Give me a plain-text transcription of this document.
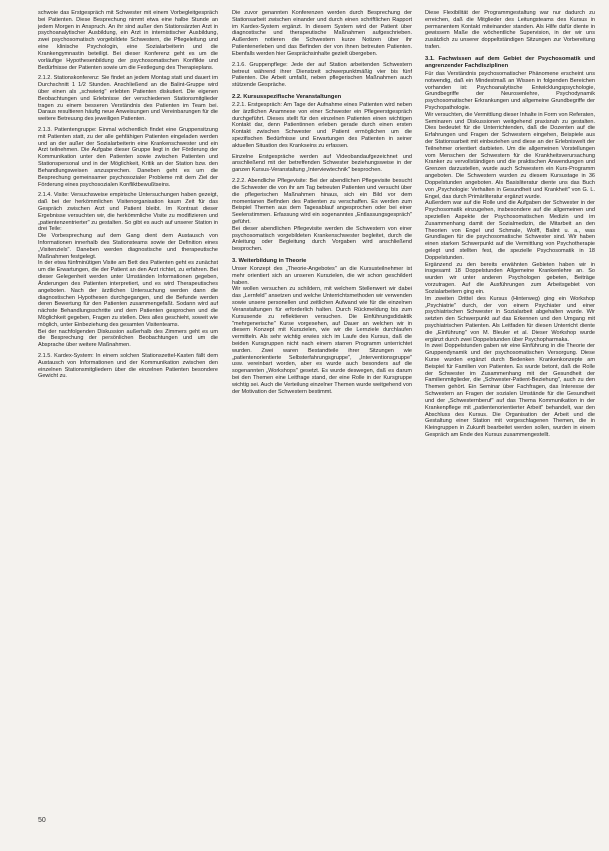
schwoie das Erstgespräch mit Schwester mit einem Vorbegleitgespräch bei Patienten. Diese Besprechung nimmt etwa eine halbe Stunde an jedem Morgen in Anspruch. An ihr sind außer den Stationsärzten Arzt in psychoanalytischer Ausbildung, ein Arzt in internistischer Ausbildung, zwei psychosomatisch vorgebildete Schwestern, die Pflegeleitung und eine klinische Psychologin, eine Sozialarbeiterin und die Krankengymnastin beteiligt. Bei dieser Konferenz geht es um die vorläufige Hypothesenbildung der psychosomatischen Konflikte und Bedürfnisse der Patienten sowie um die Festlegung des Therapieplans.

2.1.2. Stationskonferenz: Sie findet an jedem Montag statt und dauert im Durchschnitt 1 1/2 Stunden. Anschließend an die Balint-Gruppe wird über einen als „schwierig" erlebten Patienten diskutiert. Die eigenen Beobachtungen und Erlebnisse der verschiedenen Stationsmitglieder tragen zu einem besseren Verständnis des Patienten im Team bei. Daraus resultieren häufig neue Anweisungen und Vereinbarungen für die weitere Betreuung des jeweiligen Patienten.

2.1.3. Patientengruppe: Einmal wöchentlich findet eine Gruppensitzung mit Patienten statt, zu der alle gehfähigen Patienten eingeladen werden und an der außer der Sozialarbeiterin eine Krankenschwester und ein Arzt teilnehmen. Die Aufgabe dieser Gruppe liegt in der Förderung der Kommunikation unter den Patienten sowie zwischen Patienten und Stationspersonal und in der Möglichkeit, Kritik an der Station bzw. den Behandlungsweisen anzusprechen. Daneben geht es um die Besprechung gemeinsamer psychosozialer Probleme mit dem Ziel der Förderung eines psychosozialen Konfliktbewußtseins.

2.1.4. Visite: Versuchsweise empirische Untersuchungen haben gezeigt, daß bei der herkömmlichen Visitenorganisation kaum Zeit für das Gespräch zwischen Arzt und Patient bleibt. Im Kontrast dieser Ergebnisse versuchten wir, die herkömmliche Visite zu modifizieren und „patientenzentrierter" zu gestalten. So gibt es auch auf unserer Station in drei Teile:

Die Vorbesprechung auf dem Gang dient dem Austausch von Informationen innerhalb des Stationsteams sowie der Definition eines „Visitenziels". Daneben werden diagnostische und therapeutische Maßnahmen festgelegt.

In der etwa fünfminütigen Visite am Bett des Patienten geht es zunächst um die Erwartungen, die der Patient an den Arzt richtet, zu erfahren. Bei dieser Gelegenheit werden unter Umständen Informationen gegeben, Änderungen des Patienten interpretiert, und es wird Therapeutisches angeboten. Nach der ärztlichen Untersuchung werden dann die diagnostischen Hypothesen durchgegangen, und die Befunde werden deren Bewertung für den Patienten zusammengefaßt. Sodann wird auf nächste Behandlungsschritte und dem Patienten gesprochen und die Möglichkeit gegeben, Fragen zu stellen. Dies alles geschieht, soweit wie möglich, unter Einbeziehung des gesamten Visitenteams.

Bei der nachfolgenden Diskussion außerhalb des Zimmers geht es um die Besprechung der persönlichen Beobachtungen und um die Absprache über weitere Maßnahmen.

2.1.5. Kardex-System: In einem solchen Stationszettel-Kasten fällt dem Austausch von Informationen und der Kommunikation zwischen den einzelnen Stationsmitgliedern über die einzelnen Patienten besondere Gewicht zu.

Die zuvor genannten Konferenzen werden durch Besprechung der Stationsarbeit zwischen einander und durch einen schriftlichen Rapport im Kardex-System ergänzt. In diesem System wird der Patient über diagnostische und therapeutische Maßnahmen aufgeschrieben. Außerdem notieren die Schwestern kurze Notizen über ihr Patientenerleben und das Befinden der von ihnen betreuten Patienten. Ebenfalls werden hier Gesprächsinhalte gezielt übergeben.

2.1.6. Gruppenpflege: Jede der auf Station arbeitenden Schwestern betreut während ihrer Dienstzeit schwerpunktmäßig vier bis fünf Patienten. Die Arbeit umfaßt, neben pflegerischen Maßnahmen auch stützende Gespräche.

2.2. Kursusspezifische Veranstaltungen

2.2.1. Erstgespräch: Am Tage der Aufnahme eines Patienten wird neben der ärztlichen Anamnese von einer Schwester ein Pflegeerstgespräch durchgeführt. Dieses stellt für den einzelnen Patienten einen wichtigen Kontakt dar, denn Patientinnen erleben gerade durch einen ersten Kontakt zwischen Schwester und Patient ermöglichen um die spezifischen Bedürfnisse und Erwartungen des Patienten in seiner aktuellen Situation des Krankseins zu erfassen.

Einzelne Erstgespräche werden auf Videobandaufgezeichnet und anschließend mit der betreffenden Schwester beziehungsweise in der ganzen Kursus-Veranstaltung „Interviewtechnik" besprochen.

2.2.2. Abendliche Pflegevisite: Bei der abendlichen Pflegevisite besucht die Schwester die von ihr am Tag betreuten Patienten und versucht über die pflegerischen Maßnahmen hinaus, sich ein Bild vor dem momentanen Befinden des Patienten zu verschaffen. Es werden zum Beispiel Themen aus dem Tagesablauf angesprochen oder bei einer Seelenstimmen. Erfassung wird ein sogenanntes „Entlassungsgespräch" geführt.

Bei dieser abendlichen Pflegevisite werden die Schwestern von einer psychosomatisch vorgebildeten Krankenschwester begleitet, durch die Anleitung oder Begleitung durch Vorgaben wird anschließend besprochen.

3. Weiterbildung in Theorie

Unser Konzept des „Theorie-Angebotes" an die Kursusteilnehmer ist mehr orientiert sich an unseren Kurszielen, die wir schon geschildert haben.

Wir wollen versuchen zu schildern, mit welchem Stellenwert wir dabei das „Lernfeld" ansetzen und welche Unterrichtsmethoden wir verwenden sowie unsere personellen und zeitlichen Aufwand wie für die einzelnen Veranstaltungen für erforderlich halten. Durch Rückmeldung bis zum Kursusende zu reflektieren versuchen. Die Einführungsdidaktik "mehrgenerische" Kurse vorgesehen, auf Dauer an welchen wir in diesem Konzept mit Kurszielen, wie wir die Lernziele durchlaufen vermitteln. Als sehr wichtig erwies sich im Laufe des Kursus, daß die beiden Kursgruppen nicht nach einem starren Programm unterrichtet wurden. Zwei waren Bestandteile ihrer Sitzungen wie „patientenorientierte Selbsterfahrungsgruppe", „Interventionsgruppe" usw. vereinbart worden, aber es wurde auch besonders auf die sogenannten „Workshops" gesetzt. Es wurde deswegen, daß es darum bei den Themen eine Leitfrage stand, der eine Rolle in der Kursgruppe wichtig sei. Auch die Verteilung einzelner Themen wurde weitgehend von der Motivation der Schwestern bestimmt.

Diese Flexibilität der Programmgestaltung war nur dadurch zu erreichen, daß die Mitglieder des Leitungsteams des Kursus in permanentem Kontakt miteinander standen. Als Hilfe dafür diente in gewissem Maße die wöchentliche Supervision, in der wir uns zusätzlich zu unserer doppeltständigen Sitzungen zur Vorbereitung trafen.

3.1. Fachwissen auf dem Gebiet der Psychosomatik und angrenzender Fachdisziplinen

Für das Verständnis psychosomatischer Phänomene erscheint uns notwendig, daß ein Mindestmaß an Wissen in folgenden Bereichen vorhanden ist: Psychoanalytische Entwicklungspsychologie, Grundbegriffe der Neurosenlehre, Psychodynamik psychosomatischer Erkrankungen und allgemeine Grundbegriffe der Psychopathologie.

Wir versuchten, die Vermittlung dieser Inhalte in Form von Referaten, Seminaren und Diskussionen weitgehend praxisnah zu gestalten. Dies bedeutet für die Unterrichtenden, daß die Dozenten auf die Erfahrungen und Fragen der Schwestern eingehen, Beispiele aus der Stationsarbeit mit einbeziehen und diese an der Erlebniswelt der Teilnehmer orientiert darbieten. Um die allgemeinen Vorstellungen vom Menschen der Schwestern für die Krankheitsverursachung Kranker zu vervollständigen und die praktischen Anwendungen und Grenzen darzustellen, wurde auch Schwestern ein Kurs-Programm angeboten. Die Schwestern wurden zu diesem Kursustage in 36 Doppelstunden angeboten. Als Basisliteratur diente uns das Buch von „Psychologie: Verhalten in Gesundheit und Krankheit" von G. L. Engel, das durch Primärliteratur ergänzt wurde.

Außerdem war auf die Rolle und die Aufgaben der Schwester in der Psychosomatik einzugehen, insbesondere auf die allgemeinen und speziellen Aspekte der Psychosomatischen Medizin und im Zusammenhang damit der Sozialmedizin, die Mitarbeit an den Theorien von Engel und Schmale, Wolff, Balint u. a., was Grundlagen für die psychosomatische Schwester sind. Wir haben einen starken Schwerpunkt auf die Vermittlung von Psychotherapie gelegt und stellten fest, die spezielle Psychosomatik in 18 Doppelstunden.

Ergänzend zu den bereits erwähnten Gebieten haben wir in insgesamt 18 Doppelstunden Allgemeine Krankenlehre an. So wurden wir unter anderen Psychologen gebeten, Beiträge vorzutragen. Auf die Ausführungen zum Arbeitsgebiet von Sozialarbeitern ging ein.

Im zweiten Drittel des Kursus (Hinterweg) ging ein Workshop „Psychiatrie" durch, der von einem Psychiater und einer psychiatrischen Schwester in Sozialarbeit abgehalten wurde. Wir setzten den Schwerpunkt auf das Erkennen und den Umgang mit psychiatrischen Patienten. Als Leitfaden für diesen Unterricht diente die „Einführung" von M. Bleuler et al. Dieser Workshop wurde ergänzt durch zwei Doppelstunden über Psychopharmaka.

In zwei Doppelstunden gaben wir eine Einführung in die Theorie der Gruppendynamik und der psychosomatischen Versorgung. Diese Kurse wurden ergänzt durch Bedenken Krankenkonzepte am Beispiel für Familien von Patienten. Es wurde betont, daß die Rolle der Schwester im Zusammenhang mit der Gesundheit der Familienmitglieder, die „Schwester-Patient-Beziehung", auch zu den Themen gehört. Ein Seminar über Fachfragen, das Interesse der Schwestern an Fragen der sozialen Umstände für die Gesundheit und der „Schwesternberuf" auf das Thema Kommunikation in der Krankenpflege mit „patientenorientierter Arbeit" behandelt, war den Abschluss des Kursus. Die Organisation der Arbeit und die Gestaltung einer Station mit vorgeschlagenen Themen, die in Kleingruppen in Zukunft bearbeitet werden sollen, wurden in einem Gespräch am Ende des Kursus zusammengestellt.

50
